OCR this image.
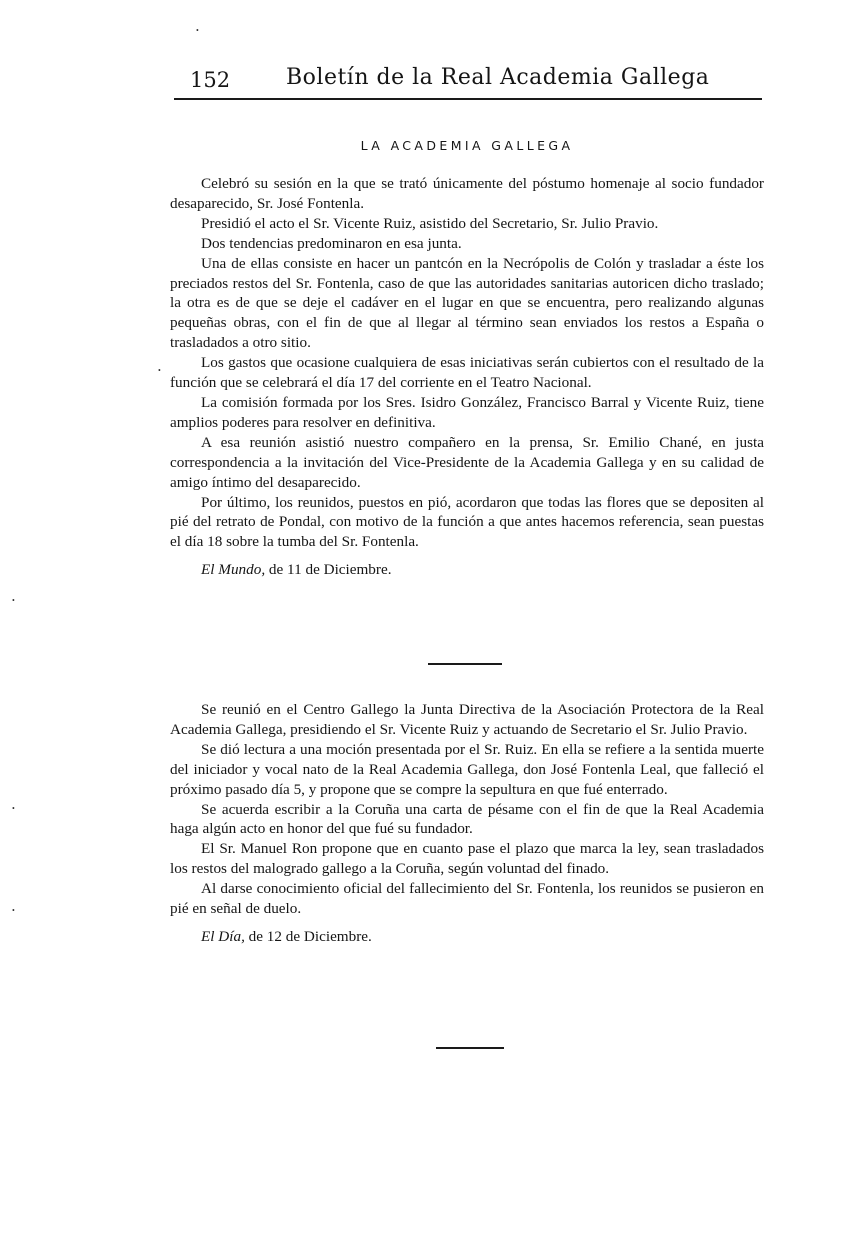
152	Boletín de la Real Academia Gallega
LA ACADEMIA GALLEGA

Celebró su sesión en la que se trató únicamente del póstumo homenaje al socio fundador desaparecido, Sr. José Fontenla.

Presidió el acto el Sr. Vicente Ruiz, asistido del Secretario, Sr. Julio Pravio.

Dos tendencias predominaron en esa junta.

Una de ellas consiste en hacer un pantcón en la Necrópolis de Colón y trasladar a éste los preciados restos del Sr. Fontenla, caso de que las autoridades sanitarias autoricen dicho traslado; la otra es de que se deje el cadáver en el lugar en que se encuentra, pero realizando algunas pequeñas obras, con el fin de que al llegar al término sean enviados los restos a España o trasladados a otro sitio.

Los gastos que ocasione cualquiera de esas iniciativas serán cubiertos con el resultado de la función que se celebrará el día 17 del corriente en el Teatro Nacional.

La comisión formada por los Sres. Isidro González, Francisco Barral y Vicente Ruiz, tiene amplios poderes para resolver en definitiva.

A esa reunión asistió nuestro compañero en la prensa, Sr. Emilio Chané, en justa correspondencia a la invitación del Vice-Presidente de la Academia Gallega y en su calidad de amigo íntimo del desaparecido.

Por último, los reunidos, puestos en pió, acordaron que todas las flores que se depositen al pié del retrato de Pondal, con motivo de la función a que antes hacemos referencia, sean puestas el día 18 sobre la tumba del Sr. Fontenla.

El Mundo, de 11 de Diciembre.

Se reunió en el Centro Gallego la Junta Directiva de la Asociación Protectora de la Real Academia Gallega, presidiendo el Sr. Vicente Ruiz y actuando de Secretario el Sr. Julio Pravio.

Se dió lectura a una moción presentada por el Sr. Ruiz. En ella se refiere a la sentida muerte del iniciador y vocal nato de la Real Academia Gallega, don José Fontenla Leal, que falleció el próximo pasado día 5, y propone que se compre la sepultura en que fué enterrado.

Se acuerda escribir a la Coruña una carta de pésame con el fin de que la Real Academia haga algún acto en honor del que fué su fundador.

El Sr. Manuel Ron propone que en cuanto pase el plazo que marca la ley, sean trasladados los restos del malogrado gallego a la Coruña, según voluntad del finado.

Al darse conocimiento oficial del fallecimiento del Sr. Fontenla, los reunidos se pusieron en pié en señal de duelo.

El Día, de 12 de Diciembre.

•
•
•
•
•
